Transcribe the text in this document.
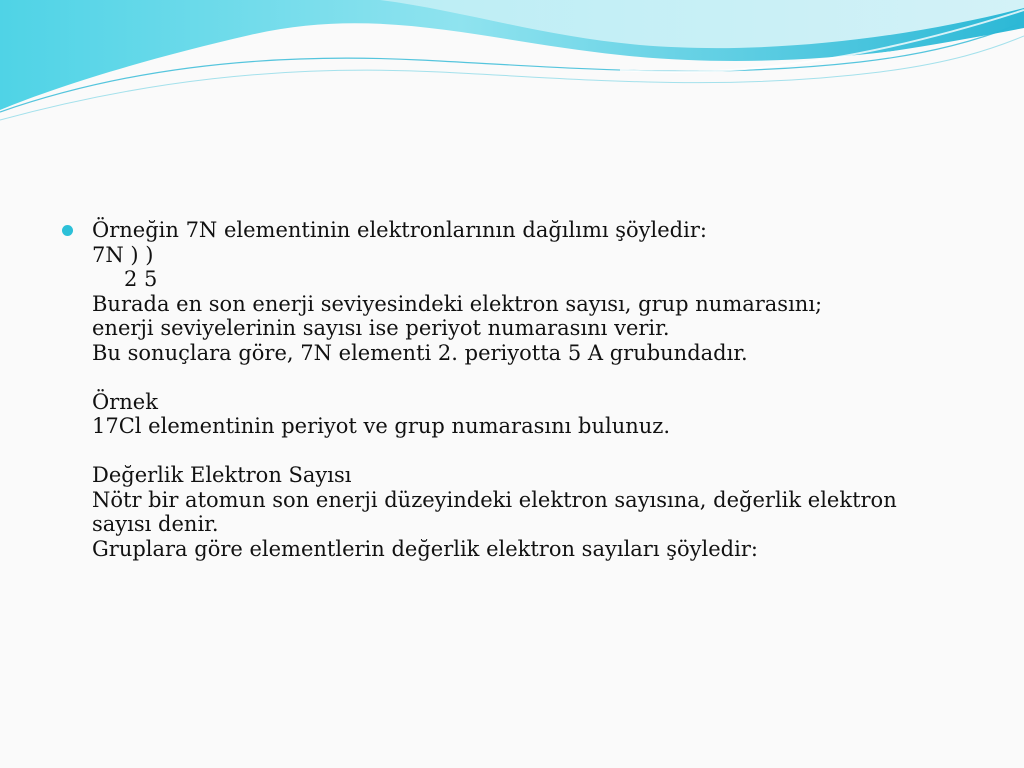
Örneğin 7N elementinin elektronlarının dağılımı şöyledir:
7N ) )
2 5
Burada en son enerji seviyesindeki elektron sayısı, grup numarasını;
enerji seviyelerinin sayısı ise periyot numarasını verir.
Bu sonuçlara göre, 7N elementi 2. periyotta 5 A grubundadır.
Örnek
17Cl elementinin periyot ve grup numarasını bulunuz.
Değerlik Elektron Sayısı
Nötr bir atomun son enerji düzeyindeki elektron sayısına, değerlik elektron
sayısı denir.
Gruplara göre elementlerin değerlik elektron sayıları şöyledir:
